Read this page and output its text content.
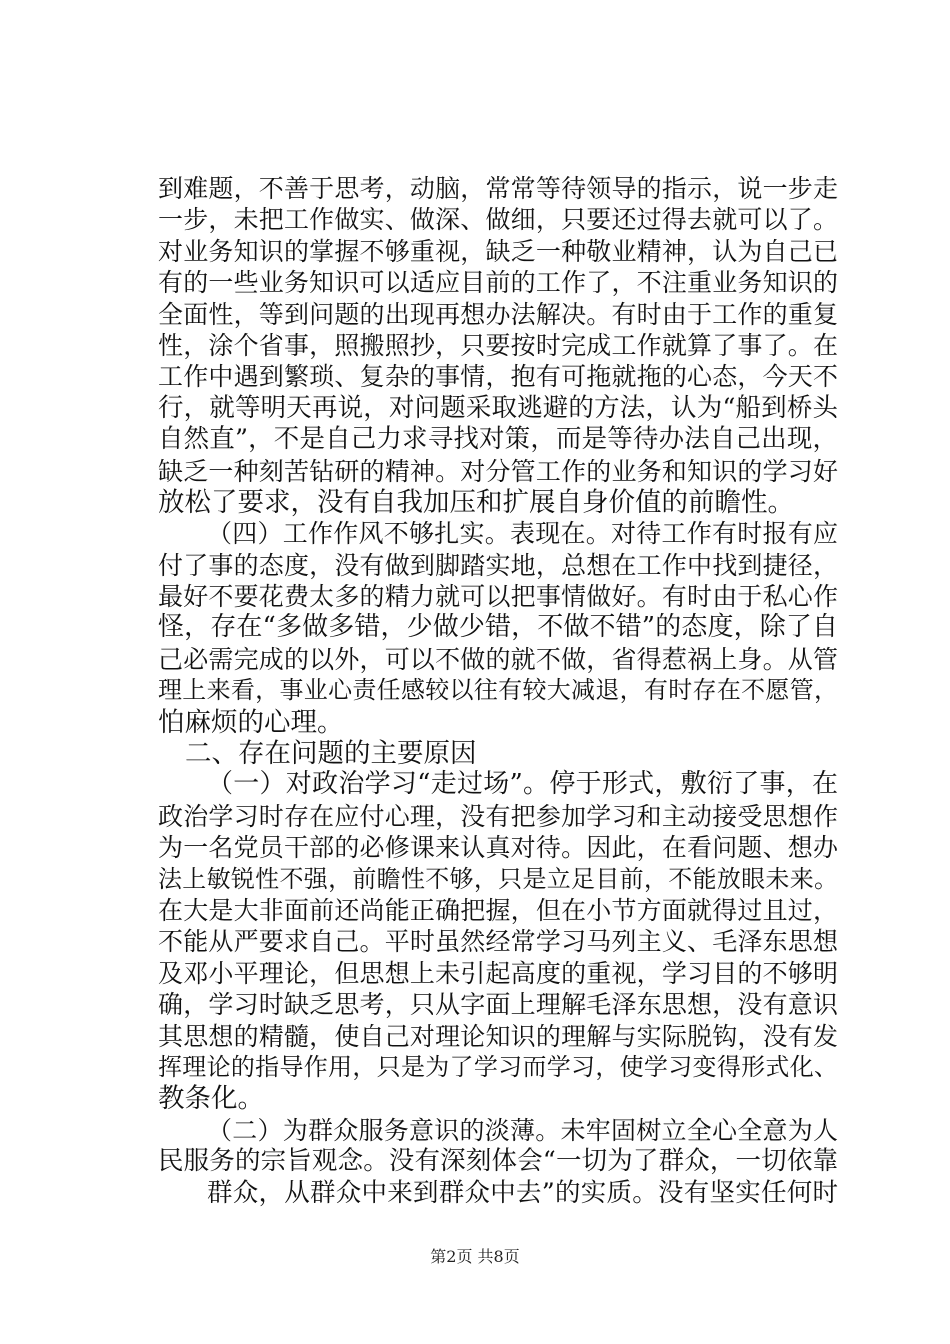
到难题，不善于思考，动脑，常常等待领导的指示，说一步走
一步，未把工作做实、做深、做细，只要还过得去就可以了。
对业务知识的掌握不够重视，缺乏一种敬业精神，认为自己已
有的一些业务知识可以适应目前的工作了，不注重业务知识的
全面性，等到问题的出现再想办法解决。有时由于工作的重复
性，涂个省事，照搬照抄，只要按时完成工作就算了事了。在
工作中遇到繁琐、复杂的事情，抱有可拖就拖的心态，今天不
行，就等明天再说，对问题采取逃避的方法，认为“船到桥头
自然直”，不是自己力求寻找对策，而是等待办法自己出现，
缺乏一种刻苦钻研的精神。对分管工作的业务和知识的学习好
放松了要求，没有自我加压和扩展自身价值的前瞻性。
（四）工作作风不够扎实。表现在。对待工作有时报有应
付了事的态度，没有做到脚踏实地，总想在工作中找到捷径，
最好不要花费太多的精力就可以把事情做好。有时由于私心作
怪，存在“多做多错，少做少错，不做不错”的态度，除了自
己必需完成的以外，可以不做的就不做，省得惹祸上身。从管
理上来看，事业心责任感较以往有较大减退，有时存在不愿管，
怕麻烦的心理。
二、存在问题的主要原因
（一）对政治学习“走过场”。停于形式，敷衍了事，在
政治学习时存在应付心理，没有把参加学习和主动接受思想作
为一名党员干部的必修课来认真对待。因此，在看问题、想办
法上敏锐性不强，前瞻性不够，只是立足目前，不能放眼未来。
在大是大非面前还尚能正确把握，但在小节方面就得过且过，
不能从严要求自己。平时虽然经常学习马列主义、毛泽东思想
及邓小平理论，但思想上未引起高度的重视，学习目的不够明
确，学习时缺乏思考，只从字面上理解毛泽东思想，没有意识
其思想的精髓，使自己对理论知识的理解与实际脱钩，没有发
挥理论的指导作用，只是为了学习而学习，使学习变得形式化、
教条化。
（二）为群众服务意识的淡薄。未牢固树立全心全意为人
民服务的宗旨观念。没有深刻体会“一切为了群众，一切依靠
群众，从群众中来到群众中去”的实质。没有坚实任何时
第2页 共8页
